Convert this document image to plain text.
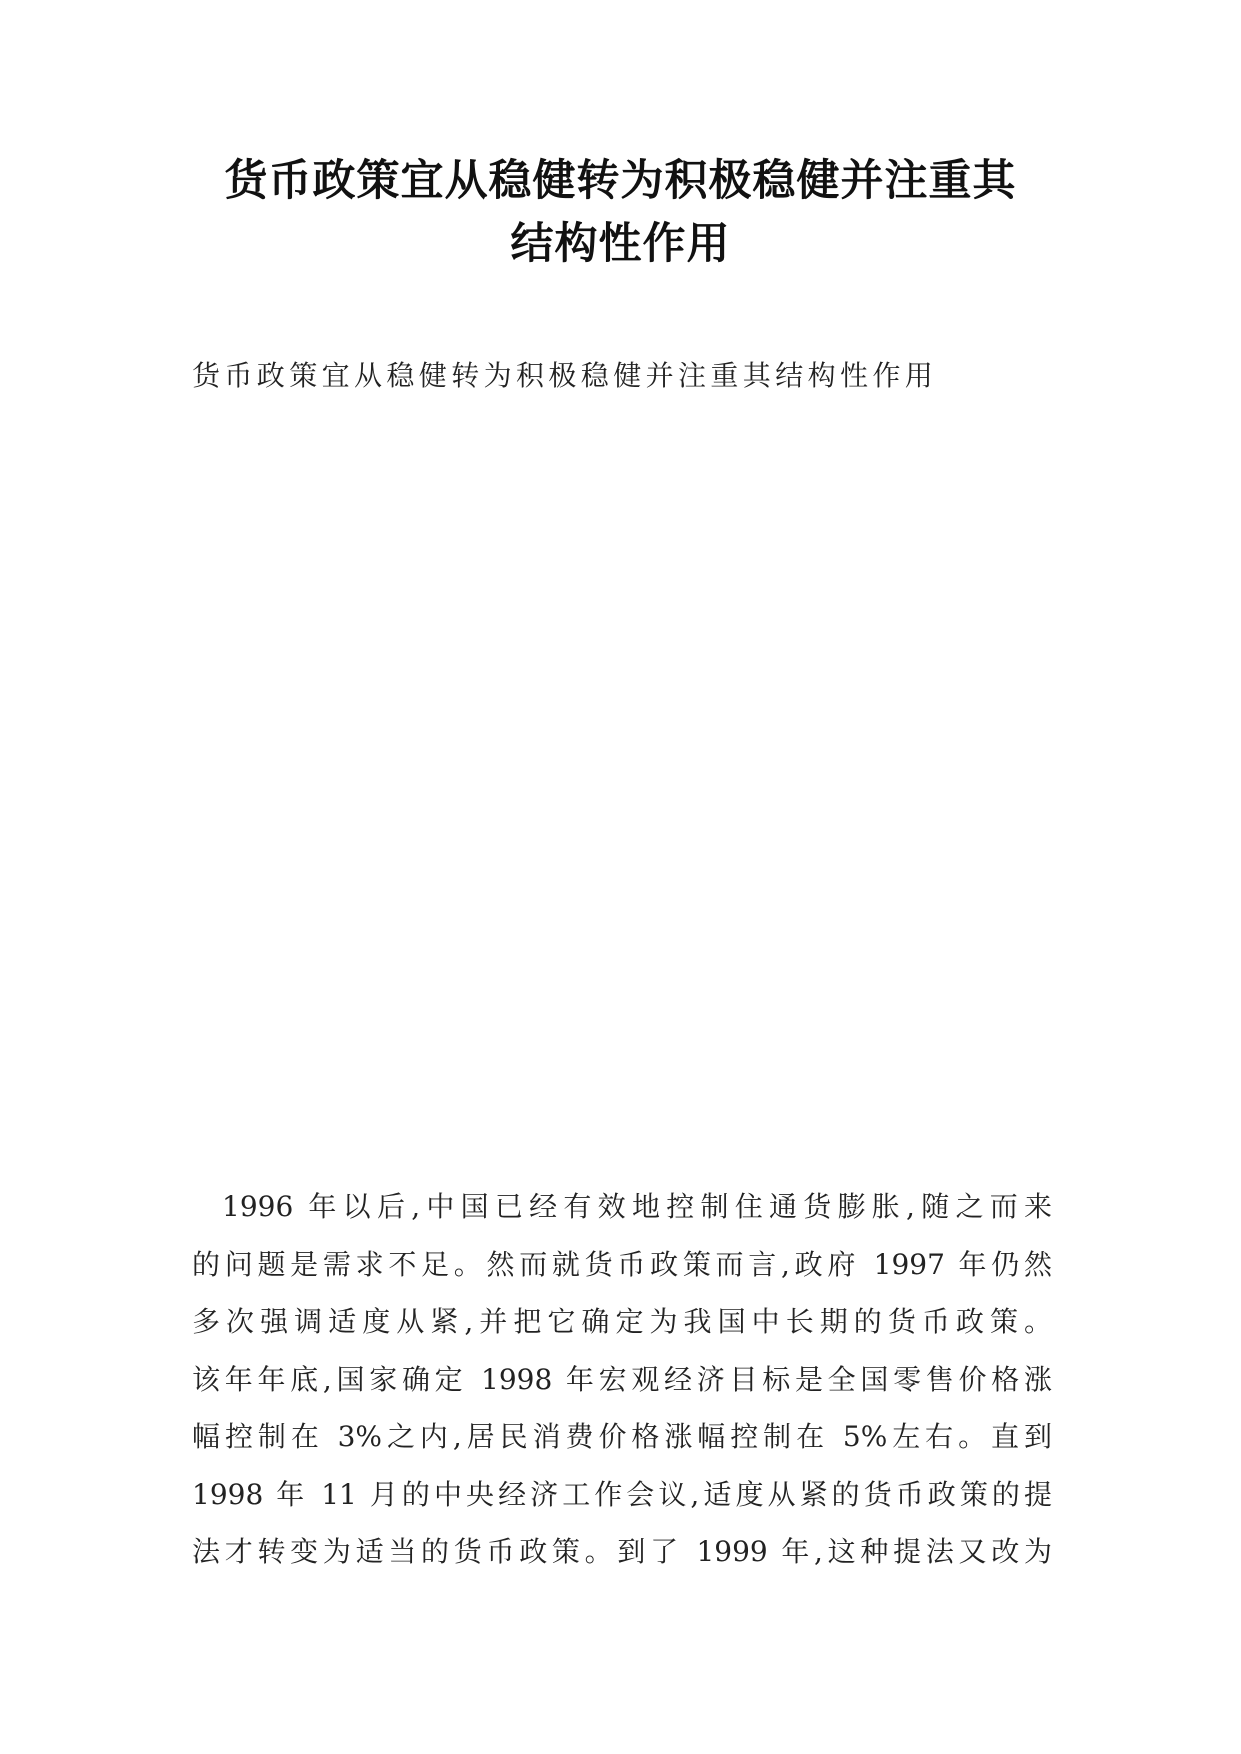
货币政策宜从稳健转为积极稳健并注重其
结构性作用

货币政策宜从稳健转为积极稳健并注重其结构性作用

1996 年以后,中国已经有效地控制住通货膨胀,随之而来
的问题是需求不足。然而就货币政策而言,政府 1997 年仍然
多次强调适度从紧,并把它确定为我国中长期的货币政策。
该年年底,国家确定 1998 年宏观经济目标是全国零售价格涨
幅控制在 3%之内,居民消费价格涨幅控制在 5%左右。直到
1998 年 11 月的中央经济工作会议,适度从紧的货币政策的提
法才转变为适当的货币政策。到了 1999 年,这种提法又改为
